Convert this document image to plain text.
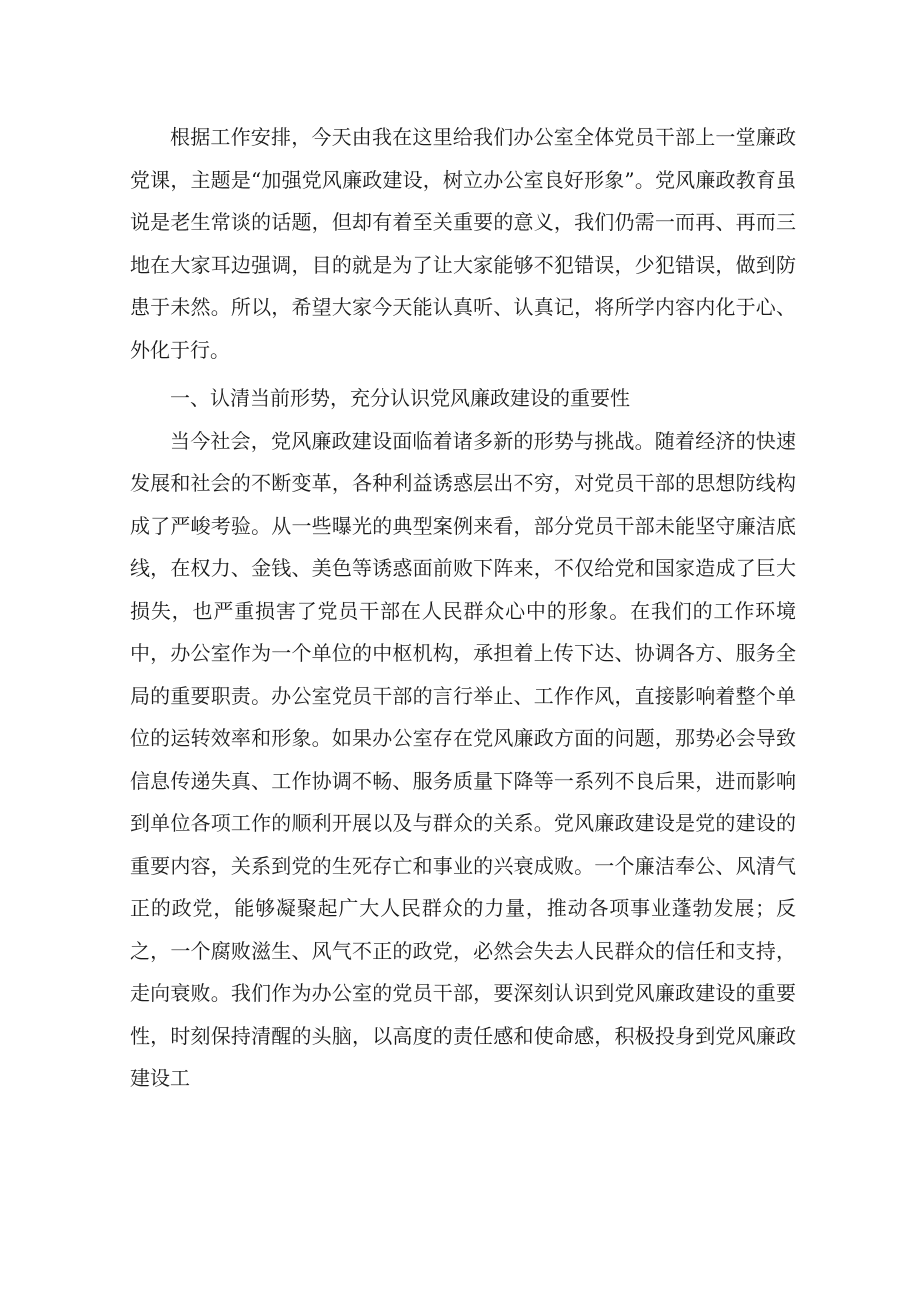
根据工作安排，今天由我在这里给我们办公室全体党员干部上一堂廉政党课，主题是“加强党风廉政建设，树立办公室良好形象”。党风廉政教育虽说是老生常谈的话题，但却有着至关重要的意义，我们仍需一而再、再而三地在大家耳边强调，目的就是为了让大家能够不犯错误，少犯错误，做到防患于未然。所以，希望大家今天能认真听、认真记，将所学内容内化于心、外化于行。

一、认清当前形势，充分认识党风廉政建设的重要性

当今社会，党风廉政建设面临着诸多新的形势与挑战。随着经济的快速发展和社会的不断变革，各种利益诱惑层出不穷，对党员干部的思想防线构成了严峻考验。从一些曝光的典型案例来看，部分党员干部未能坚守廉洁底线，在权力、金钱、美色等诱惑面前败下阵来，不仅给党和国家造成了巨大损失，也严重损害了党员干部在人民群众心中的形象。在我们的工作环境中，办公室作为一个单位的中枢机构，承担着上传下达、协调各方、服务全局的重要职责。办公室党员干部的言行举止、工作作风，直接影响着整个单位的运转效率和形象。如果办公室存在党风廉政方面的问题，那势必会导致信息传递失真、工作协调不畅、服务质量下降等一系列不良后果，进而影响到单位各项工作的顺利开展以及与群众的关系。党风廉政建设是党的建设的重要内容，关系到党的生死存亡和事业的兴衰成败。一个廉洁奉公、风清气正的政党，能够凝聚起广大人民群众的力量，推动各项事业蓬勃发展；反之，一个腐败滋生、风气不正的政党，必然会失去人民群众的信任和支持，走向衰败。我们作为办公室的党员干部，要深刻认识到党风廉政建设的重要性，时刻保持清醒的头脑，以高度的责任感和使命感，积极投身到党风廉政建设工
